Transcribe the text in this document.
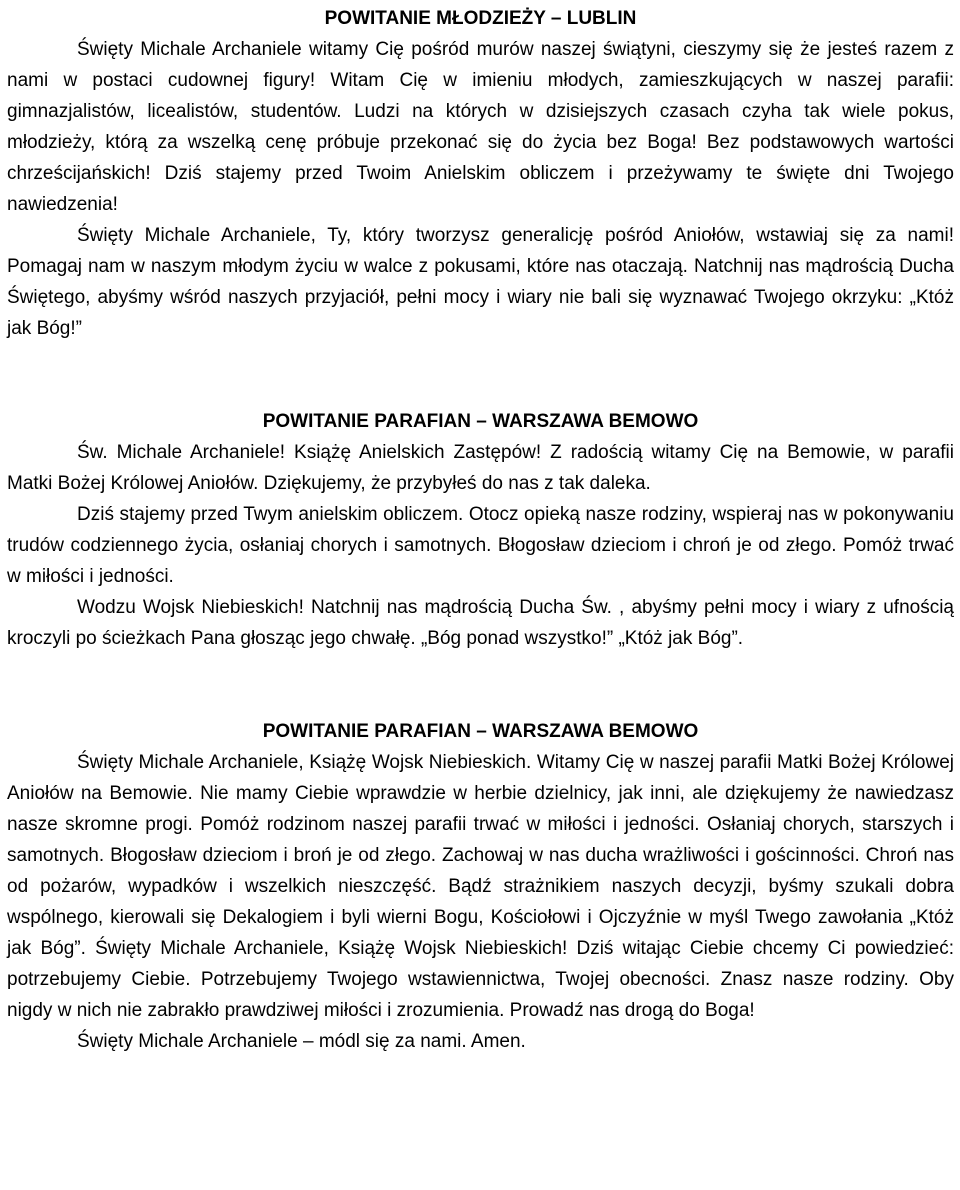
POWITANIE MŁODZIEŻY – LUBLIN

Święty Michale Archaniele witamy Cię pośród murów naszej świątyni, cieszymy się że jesteś razem z nami w postaci cudownej figury! Witam Cię w imieniu młodych, zamieszkujących w naszej parafii: gimnazjalistów, licealistów, studentów. Ludzi na których w dzisiejszych czasach czyha tak wiele pokus, młodzieży, którą za wszelką cenę próbuje przekonać się do życia bez Boga! Bez podstawowych wartości chrześcijańskich! Dziś stajemy przed Twoim Anielskim obliczem i przeżywamy te święte dni Twojego nawiedzenia!

Święty Michale Archaniele, Ty, który tworzysz generalicję pośród Aniołów, wstawiaj się za nami! Pomagaj nam w naszym młodym życiu w walce z pokusami, które nas otaczają. Natchnij nas mądrością Ducha Świętego, abyśmy wśród naszych przyjaciół, pełni mocy i wiary nie bali się wyznawać Twojego okrzyku: „Któż jak Bóg!”

POWITANIE PARAFIAN – WARSZAWA BEMOWO

Św. Michale Archaniele! Książę Anielskich Zastępów! Z radością witamy Cię na Bemowie, w parafii Matki Bożej Królowej Aniołów. Dziękujemy, że przybyłeś do nas z tak daleka.

Dziś stajemy przed Twym anielskim obliczem. Otocz opieką nasze rodziny, wspieraj nas w pokonywaniu trudów codziennego życia, osłaniaj chorych i samotnych. Błogosław dzieciom i chroń je od złego. Pomóż trwać w miłości i jedności.

Wodzu Wojsk Niebieskich! Natchnij nas mądrością Ducha Św. , abyśmy pełni mocy i wiary z ufnością kroczyli po ścieżkach Pana głosząc jego chwałę. „Bóg ponad wszystko!” „Któż jak Bóg”.

POWITANIE PARAFIAN – WARSZAWA BEMOWO

Święty Michale Archaniele, Książę Wojsk Niebieskich. Witamy Cię w naszej parafii Matki Bożej Królowej Aniołów na Bemowie. Nie mamy Ciebie wprawdzie w herbie dzielnicy, jak inni, ale dziękujemy że nawiedzasz nasze skromne progi. Pomóż rodzinom naszej parafii trwać w miłości i jedności. Osłaniaj chorych, starszych i samotnych. Błogosław dzieciom i broń je od złego. Zachowaj w nas ducha wrażliwości i gościnności. Chroń nas od pożarów, wypadków i wszelkich nieszczęść. Bądź strażnikiem naszych decyzji, byśmy szukali dobra wspólnego, kierowali się Dekalogiem i byli wierni Bogu, Kościołowi i Ojczyźnie w myśl Twego zawołania „Któż jak Bóg”. Święty Michale Archaniele, Książę Wojsk Niebieskich! Dziś witając Ciebie chcemy Ci powiedzieć: potrzebujemy Ciebie. Potrzebujemy Twojego wstawiennictwa, Twojej obecności. Znasz nasze rodziny. Oby nigdy w nich nie zabrakło prawdziwej miłości i zrozumienia. Prowadź nas drogą do Boga!

Święty Michale Archaniele – módl się za nami. Amen.
